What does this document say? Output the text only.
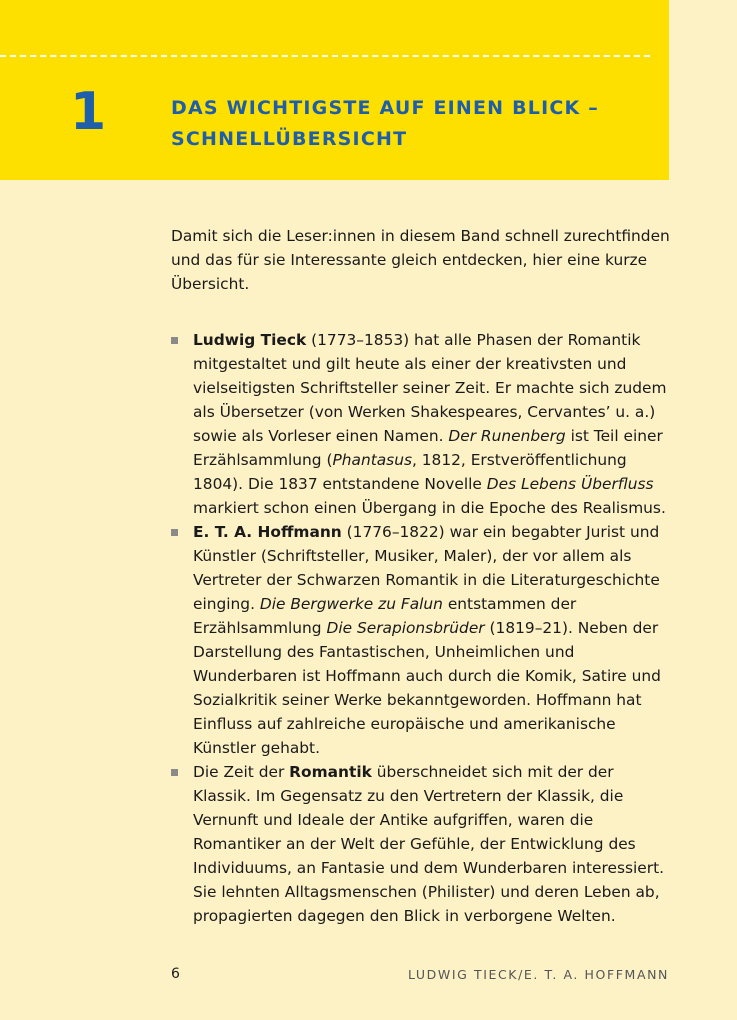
1	DAS WICHTIGSTE AUF EINEN BLICK –
SCHNELLÜBERSICHT

Damit sich die Leser:innen in diesem Band schnell zurechtfinden und das für sie Interessante gleich entdecken, hier eine kurze Übersicht.

Ludwig Tieck (1773–1853) hat alle Phasen der Romantik mitgestaltet und gilt heute als einer der kreativsten und vielseitigsten Schriftsteller seiner Zeit. Er machte sich zudem als Übersetzer (von Werken Shakespeares, Cervantes’ u. a.) sowie als Vorleser einen Namen. Der Runenberg ist Teil einer Erzählsammlung (Phantasus, 1812, Erstveröffentlichung 1804). Die 1837 entstandene Novelle Des Lebens Überfluss markiert schon einen Übergang in die Epoche des Realismus.
E. T. A. Hoffmann (1776–1822) war ein begabter Jurist und Künstler (Schriftsteller, Musiker, Maler), der vor allem als Vertreter der Schwarzen Romantik in die Literaturgeschichte einging. Die Bergwerke zu Falun entstammen der Erzählsammlung Die Serapionsbrüder (1819–21). Neben der Darstellung des Fantastischen, Unheimlichen und Wunderbaren ist Hoffmann auch durch die Komik, Satire und Sozialkritik seiner Werke bekanntgeworden. Hoffmann hat Einfluss auf zahlreiche europäische und amerikanische Künstler gehabt.
Die Zeit der Romantik überschneidet sich mit der der Klassik. Im Gegensatz zu den Vertretern der Klassik, die Vernunft und Ideale der Antike aufgriffen, waren die Romantiker an der Welt der Gefühle, der Entwicklung des Individuums, an Fantasie und dem Wunderbaren interessiert. Sie lehnten Alltagsmenschen (Philister) und deren Leben ab, propagierten dagegen den Blick in verborgene Welten.
6	LUDWIG TIECK/E. T. A. HOFFMANN
